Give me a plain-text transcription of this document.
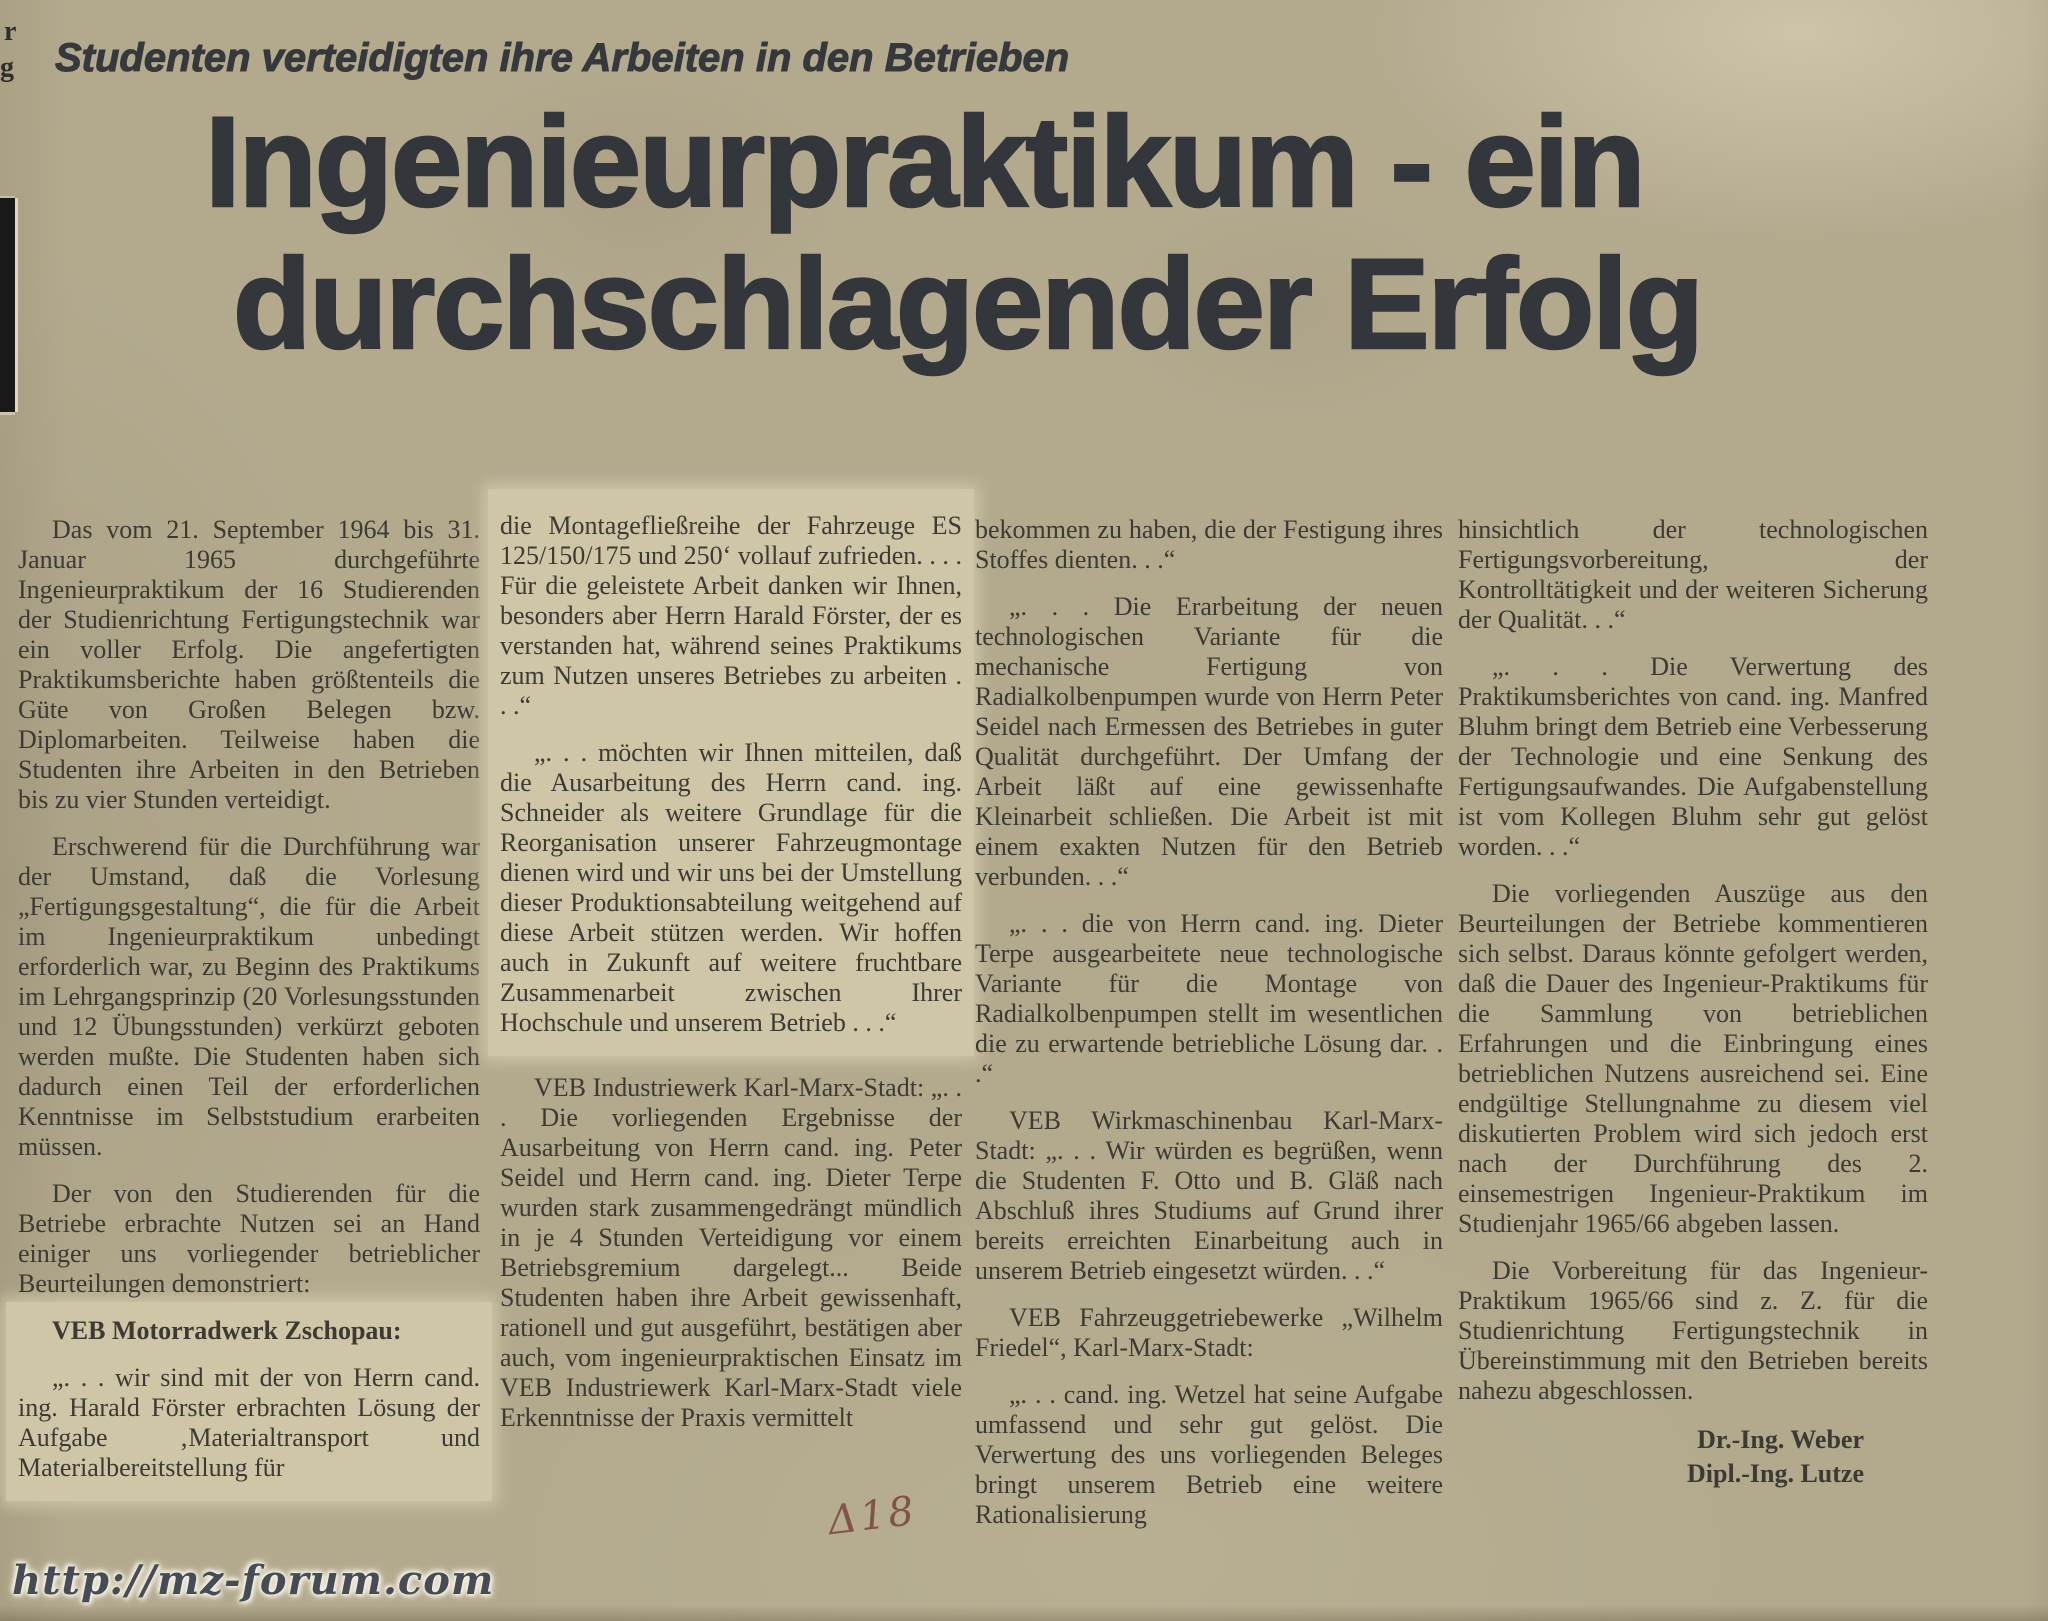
r
g Studenten verteidigten ihre Arbeiten in den Betrieben
Ingenieurpraktikum - ein
durchschlagender Erfolg

Das vom 21. September 1964 bis 31. Januar 1965 durchgeführte Ingenieurpraktikum der 16 Studierenden der Studienrichtung Fertigungstechnik war ein voller Erfolg. Die angefertigten Praktikumsberichte haben größtenteils die Güte von Großen Belegen bzw. Diplomarbeiten. Teilweise haben die Studenten ihre Arbeiten in den Betrieben bis zu vier Stunden verteidigt.

Erschwerend für die Durchführung war der Umstand, daß die Vorlesung „Fertigungsgestaltung“, die für die Arbeit im Ingenieurpraktikum unbedingt erforderlich war, zu Beginn des Praktikums im Lehrgangsprinzip (20 Vorlesungsstunden und 12 Übungsstunden) verkürzt geboten werden mußte. Die Studenten haben sich dadurch einen Teil der erforderlichen Kenntnisse im Selbststudium erarbeiten müssen.

Der von den Studierenden für die Betriebe erbrachte Nutzen sei an Hand einiger uns vorliegender betrieblicher Beurteilungen demonstriert:

VEB Motorradwerk Zschopau:

„. . . wir sind mit der von Herrn cand. ing. Harald Förster erbrachten Lösung der Aufgabe ‚Materialtransport und Materialbereitstellung für

die Montagefließreihe der Fahrzeuge ES 125/150/175 und 250‘ vollauf zufrieden. . . . Für die geleistete Arbeit danken wir Ihnen, besonders aber Herrn Harald Förster, der es verstanden hat, während seines Praktikums zum Nutzen unseres Betriebes zu arbeiten . . .“

„. . . möchten wir Ihnen mitteilen, daß die Ausarbeitung des Herrn cand. ing. Schneider als weitere Grundlage für die Reorganisation unserer Fahrzeugmontage dienen wird und wir uns bei der Umstellung dieser Produktionsabteilung weitgehend auf diese Arbeit stützen werden. Wir hoffen auch in Zukunft auf weitere fruchtbare Zusammenarbeit zwischen Ihrer Hochschule und unserem Betrieb . . .“

VEB Industriewerk Karl-Marx-Stadt: „. . . Die vorliegenden Ergebnisse der Ausarbeitung von Herrn cand. ing. Peter Seidel und Herrn cand. ing. Dieter Terpe wurden stark zusammengedrängt mündlich in je 4 Stunden Verteidigung vor einem Betriebsgremium dargelegt... Beide Studenten haben ihre Arbeit gewissenhaft, rationell und gut ausgeführt, bestätigen aber auch, vom ingenieurpraktischen Einsatz im VEB Industriewerk Karl-Marx-Stadt viele Erkenntnisse der Praxis vermittelt

bekommen zu haben, die der Festigung ihres Stoffes dienten. . .“

„. . . Die Erarbeitung der neuen technologischen Variante für die mechanische Fertigung von Radialkolbenpumpen wurde von Herrn Peter Seidel nach Ermessen des Betriebes in guter Qualität durchgeführt. Der Umfang der Arbeit läßt auf eine gewissenhafte Kleinarbeit schließen. Die Arbeit ist mit einem exakten Nutzen für den Betrieb verbunden. . .“

„. . . die von Herrn cand. ing. Dieter Terpe ausgearbeitete neue technologische Variante für die Montage von Radialkolbenpumpen stellt im wesentlichen die zu erwartende betriebliche Lösung dar. . .“

VEB Wirkmaschinenbau Karl-Marx-Stadt: „. . . Wir würden es begrüßen, wenn die Studenten F. Otto und B. Gläß nach Abschluß ihres Studiums auf Grund ihrer bereits erreichten Einarbeitung auch in unserem Betrieb eingesetzt würden. . .“

VEB Fahrzeuggetriebewerke „Wilhelm Friedel“, Karl-Marx-Stadt:

„. . . cand. ing. Wetzel hat seine Aufgabe umfassend und sehr gut gelöst. Die Verwertung des uns vorliegenden Beleges bringt unserem Betrieb eine weitere Rationalisierung

hinsichtlich der technologischen Fertigungsvorbereitung, der Kontrolltätigkeit und der weiteren Sicherung der Qualität. . .“

„. . . Die Verwertung des Praktikumsberichtes von cand. ing. Manfred Bluhm bringt dem Betrieb eine Verbesserung der Technologie und eine Senkung des Fertigungsaufwandes. Die Aufgabenstellung ist vom Kollegen Bluhm sehr gut gelöst worden. . .“

Die vorliegenden Auszüge aus den Beurteilungen der Betriebe kommentieren sich selbst. Daraus könnte gefolgert werden, daß die Dauer des Ingenieur-Praktikums für die Sammlung von betrieblichen Erfahrungen und die Einbringung eines betrieblichen Nutzens ausreichend sei. Eine endgültige Stellungnahme zu diesem viel diskutierten Problem wird sich jedoch erst nach der Durchführung des 2. einsemestrigen Ingenieur-Praktikum im Studienjahr 1965/66 abgeben lassen.

Die Vorbereitung für das Ingenieur-Praktikum 1965/66 sind z. Z. für die Studienrichtung Fertigungstechnik in Übereinstimmung mit den Betrieben bereits nahezu abgeschlossen.

Dr.-Ing. Weber
Dipl.-Ing. Lutze
Δ18
http://mz-forum.com
